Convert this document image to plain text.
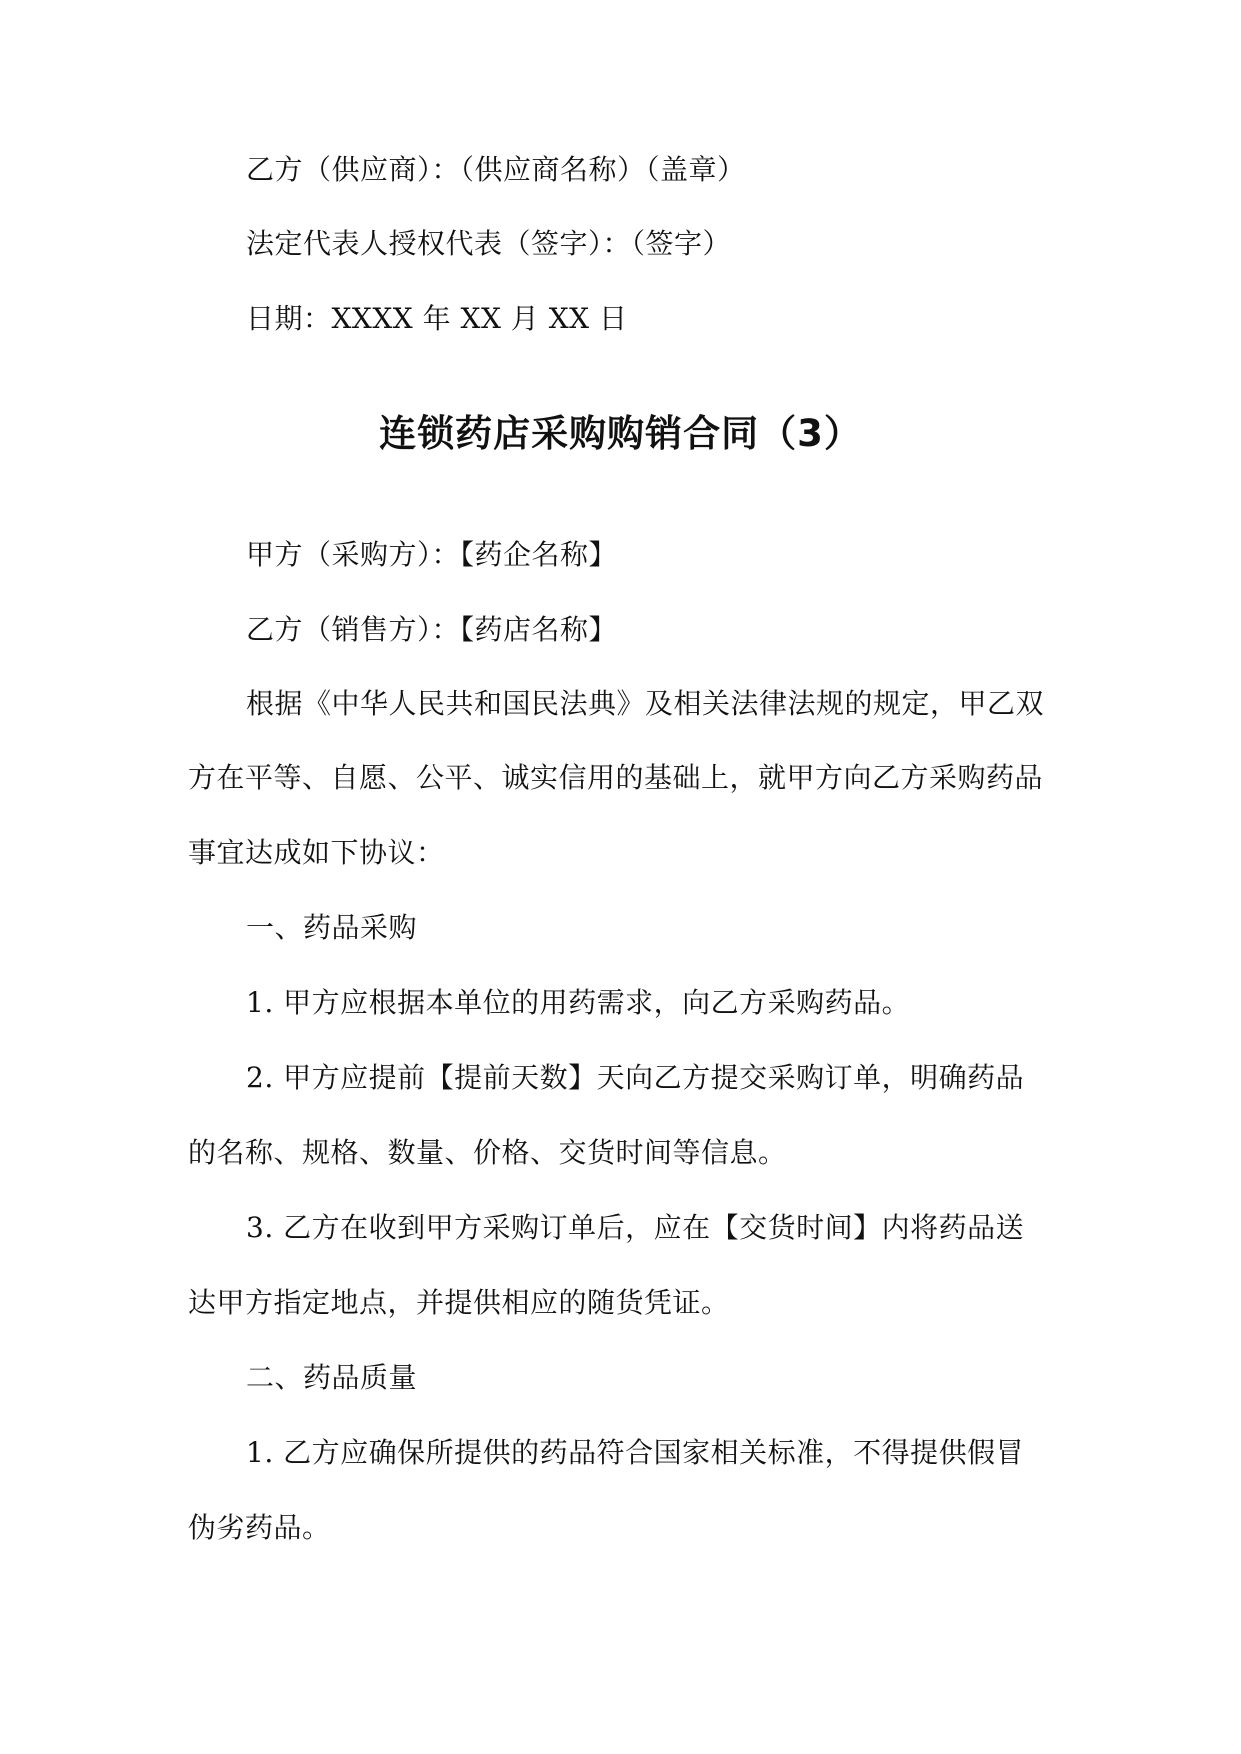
乙方（供应商）：（供应商名称）（盖章）

法定代表人授权代表（签字）：（签字）

日期：XXXX 年 XX 月 XX 日

连锁药店采购购销合同（3）

甲方（采购方）：【药企名称】

乙方（销售方）：【药店名称】

根据《中华人民共和国民法典》及相关法律法规的规定，甲乙双

方在平等、自愿、公平、诚实信用的基础上，就甲方向乙方采购药品

事宜达成如下协议：

一、药品采购

1. 甲方应根据本单位的用药需求，向乙方采购药品。

2. 甲方应提前【提前天数】天向乙方提交采购订单，明确药品

的名称、规格、数量、价格、交货时间等信息。

3. 乙方在收到甲方采购订单后，应在【交货时间】内将药品送

达甲方指定地点，并提供相应的随货凭证。

二、药品质量

1. 乙方应确保所提供的药品符合国家相关标准，不得提供假冒

伪劣药品。
